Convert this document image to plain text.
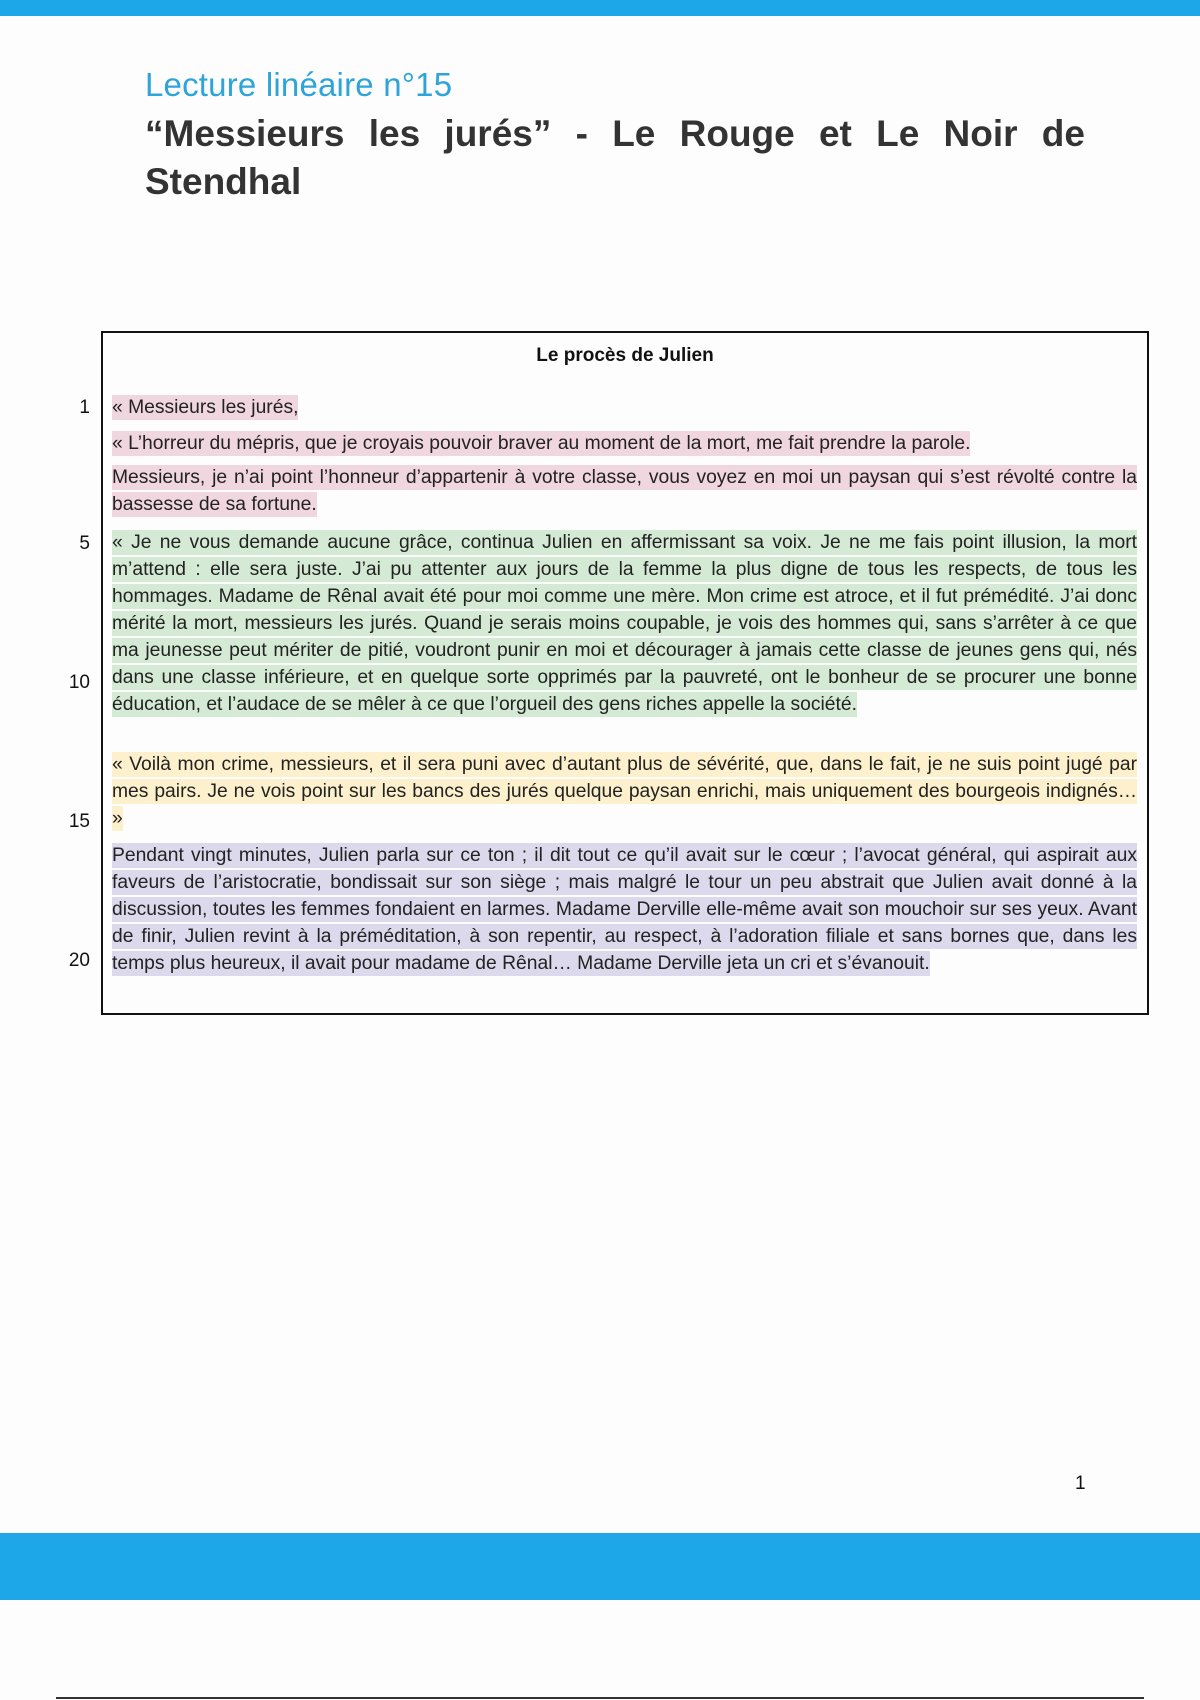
Lecture linéaire n°15
“Messieurs les jurés” - Le Rouge et Le Noir de Stendhal
Le procès de Julien
1
5
10
15
20
« Messieurs les jurés,
« L’horreur du mépris, que je croyais pouvoir braver au moment de la mort, me fait prendre la parole.
Messieurs, je n’ai point l’honneur d’appartenir à votre classe, vous voyez en moi un paysan qui s’est révolté contre la bassesse de sa fortune.
« Je ne vous demande aucune grâce, continua Julien en affermissant sa voix. Je ne me fais point illusion, la mort m’attend : elle sera juste. J’ai pu attenter aux jours de la femme la plus digne de tous les respects, de tous les hommages. Madame de Rênal avait été pour moi comme une mère. Mon crime est atroce, et il fut prémédité. J’ai donc mérité la mort, messieurs les jurés. Quand je serais moins coupable, je vois des hommes qui, sans s’arrêter à ce que ma jeunesse peut mériter de pitié, voudront punir en moi et décourager à jamais cette classe de jeunes gens qui, nés dans une classe inférieure, et en quelque sorte opprimés par la pauvreté, ont le bonheur de se procurer une bonne éducation, et l’audace de se mêler à ce que l’orgueil des gens riches appelle la société.
« Voilà mon crime, messieurs, et il sera puni avec d’autant plus de sévérité, que, dans le fait, je ne suis point jugé par mes pairs. Je ne vois point sur les bancs des jurés quelque paysan enrichi, mais uniquement des bourgeois indignés… »
Pendant vingt minutes, Julien parla sur ce ton ; il dit tout ce qu’il avait sur le cœur ; l’avocat général, qui aspirait aux faveurs de l’aristocratie, bondissait sur son siège ; mais malgré le tour un peu abstrait que Julien avait donné à la discussion, toutes les femmes fondaient en larmes. Madame Derville elle-même avait son mouchoir sur ses yeux. Avant de finir, Julien revint à la préméditation, à son repentir, au respect, à l’adoration filiale et sans bornes que, dans les temps plus heureux, il avait pour madame de Rênal… Madame Derville jeta un cri et s’évanouit.
1
